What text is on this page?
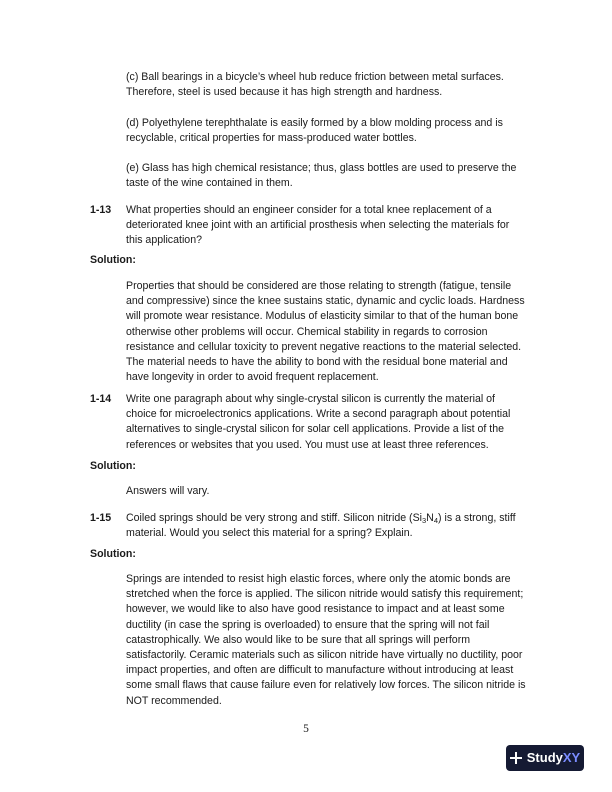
(c) Ball bearings in a bicycle’s wheel hub reduce friction between metal surfaces. Therefore, steel is used because it has high strength and hardness.

(d) Polyethylene terephthalate is easily formed by a blow molding process and is recyclable, critical properties for mass-produced water bottles.

(e) Glass has high chemical resistance; thus, glass bottles are used to preserve the taste of the wine contained in them.

1-13 What properties should an engineer consider for a total knee replacement of a deteriorated knee joint with an artificial prosthesis when selecting the materials for this application?

Solution:

Properties that should be considered are those relating to strength (fatigue, tensile and compressive) since the knee sustains static, dynamic and cyclic loads. Hardness will promote wear resistance. Modulus of elasticity similar to that of the human bone otherwise other problems will occur. Chemical stability in regards to corrosion resistance and cellular toxicity to prevent negative reactions to the material selected. The material needs to have the ability to bond with the residual bone material and have longevity in order to avoid frequent replacement.

1-14 Write one paragraph about why single-crystal silicon is currently the material of choice for microelectronics applications. Write a second paragraph about potential alternatives to single-crystal silicon for solar cell applications. Provide a list of the references or websites that you used. You must use at least three references.

Solution:

Answers will vary.

1-15 Coiled springs should be very strong and stiff. Silicon nitride $(Si_3N_4)$ is a strong, stiff material. Would you select this material for a spring? Explain.

Solution:

Springs are intended to resist high elastic forces, where only the atomic bonds are stretched when the force is applied. The silicon nitride would satisfy this requirement; however, we would like to also have good resistance to impact and at least some ductility (in case the spring is overloaded) to ensure that the spring will not fail catastrophically. We also would like to be sure that all springs will perform satisfactorily. Ceramic materials such as silicon nitride have virtually no ductility, poor impact properties, and often are difficult to manufacture without introducing at least some small flaws that cause failure even for relatively low forces. The silicon nitride is NOT recommended.

5
StudyXY
